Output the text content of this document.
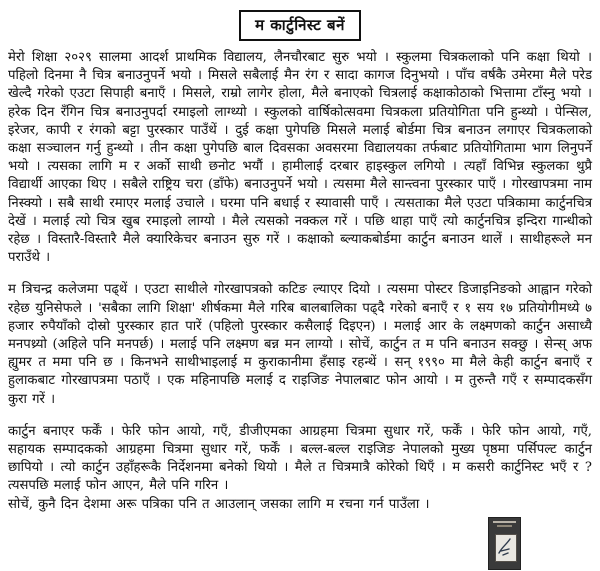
म कार्टुनिस्ट बनें

मेरो शिक्षा २०२९ सालमा आदर्श प्राथमिक विद्यालय, लैनचौरबाट सुरु भयो । स्कुलमा चित्रकलाको पनि कक्षा थियो । पहिलो दिनमा नै चित्र बनाउनुपर्ने भयो । मिसले सबैलाई मैन रंग र सादा कागज दिनुभयो । पाँच वर्षकै उमेरमा मैले परेड खेल्दै गरेको एउटा सिपाही बनाएँ । मिसले, राम्रो लागेर होला, मैले बनाएको चित्रलाई कक्षाकोठाको भित्तामा टाँस्नु भयो । हरेक दिन रँगिन चित्र बनाउनुपर्दा रमाइलो लाग्थ्यो । स्कुलको वार्षिकोत्सवमा चित्रकला प्रतियोगिता पनि हुन्थ्यो । पेन्सिल, इरेजर, कापी र रंगको बट्टा पुरस्कार पाउँथें । दुई कक्षा पुगेपछि मिसले मलाई बोर्डमा चित्र बनाउन लगाएर चित्रकलाको कक्षा सञ्चालन गर्नु हुन्थ्यो । तीन कक्षा पुगेपछि बाल दिवसका अवसरमा विद्यालयका तर्फबाट प्रतियोगितामा भाग लिनुपर्ने भयो । त्यसका लागि म र अर्को साथी छनोट भयौं । हामीलाई दरबार हाइस्कुल लगियो । त्यहाँ विभिन्न स्कुलका थुप्रै विद्यार्थी आएका थिए । सबैले राष्ट्रिय चरा (डाँफे) बनाउनुपर्ने भयो । त्यसमा मैले सान्त्वना पुरस्कार पाएँ । गोरखापत्रमा नाम निस्क्यो । सबै साथी रमाएर मलाई उचाले । घरमा पनि बधाई र स्यावासी पाएँ । त्यसताका मैले एउटा पत्रिकामा कार्टुनचित्र देखें । मलाई त्यो चित्र खुब रमाइलो लाग्यो । मैले त्यसको नक्कल गरें । पछि थाहा पाएँ त्यो कार्टुनचित्र इन्दिरा गान्धीको रहेछ । विस्तारै-विस्तारै मैले क्यारिकेचर बनाउन सुरु गरें । कक्षाको ब्ल्याकबोर्डमा कार्टुन बनाउन थालें । साथीहरूले मन पराउँथे ।

म त्रिचन्द्र कलेजमा पढ्थें । एउटा साथीले गोरखापत्रको कटिङ ल्याएर दियो । त्यसमा पोस्टर डिजाइनिङको आह्वान गरेको रहेछ युनिसेफले । 'सबैका लागि शिक्षा' शीर्षकमा मैले गरिब बालबालिका पढ्दै गरेको बनाएँ र १ सय १७ प्रतियोगीमध्ये ७ हजार रुपैयाँको दोस्रो पुरस्कार हात पारें (पहिलो पुरस्कार कसैलाई दिइएन) । मलाई आर के लक्ष्मणको कार्टुन असाध्यै मनपथ्र्यो (अहिले पनि मनपर्छ) । मलाई पनि लक्ष्मण बन्न मन लाग्यो । सोचें, कार्टुन त म पनि बनाउन सक्छु । सेन्स् अफ ह्युमर त ममा पनि छ । किनभने साथीभाइलाई म कुराकानीमा हँसाइ रहन्थें । सन् १९९० मा मैले केही कार्टुन बनाएँ र हुलाकबाट गोरखापत्रमा पठाएँ । एक महिनापछि मलाई द राइजिङ नेपालबाट फोन आयो । म तुरुन्तै गएँ र सम्पादकसँग कुरा गरें ।

कार्टुन बनाएर फर्कें । फेरि फोन आयो, गएँ, डीजीएमका आग्रहमा चित्रमा सुधार गरें, फर्कें । फेरि फोन आयो, गएँ, सहायक सम्पादकको आग्रहमा चित्रमा सुधार गरें, फर्कें । बल्ल-बल्ल राइजिङ नेपालको मुख्य पृष्ठमा पर्सिपल्ट कार्टुन छापियो । त्यो कार्टुन उहाँहरूकै निर्देशनमा बनेको थियो । मैले त चित्रमात्रै कोरेको थिएँ । म कसरी कार्टुनिस्ट भएँ र ? त्यसपछि मलाई फोन आएन, मैले पनि गरिन ।

सोचें, कुनै दिन देशमा अरू पत्रिका पनि त आउलान् जसका लागि म रचना गर्न पाउँला ।
